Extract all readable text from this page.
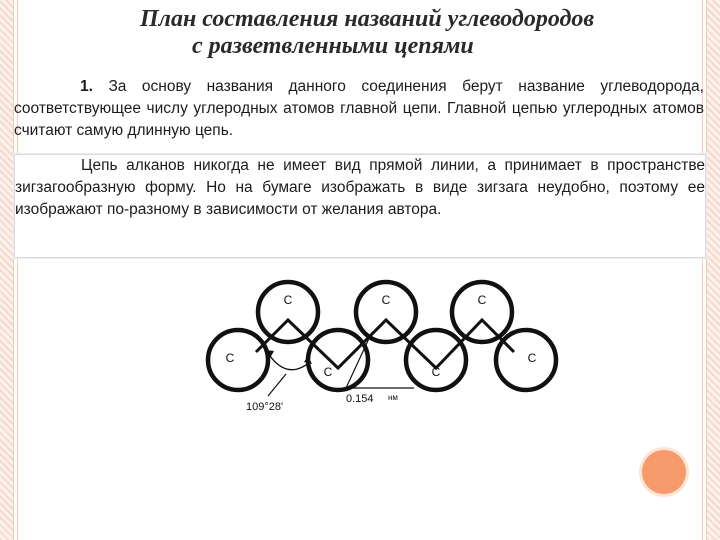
План составления названий углеводородов
с разветвленными цепями
1. За основу названия данного соединения берут название углеводорода, соответствующее числу углеродных атомов главной цепи. Главной цепью углеродных атомов считают самую длинную цепь.
Цепь алканов никогда не имеет вид прямой линии, а принимает в пространстве зигзагообразную форму. Но на бумаге изображать в виде зигзага неудобно, поэтому ее изображают по-разному в зависимости от желания автора.
C
C
C
C
C
C
C
109°28'
0.154 нм
